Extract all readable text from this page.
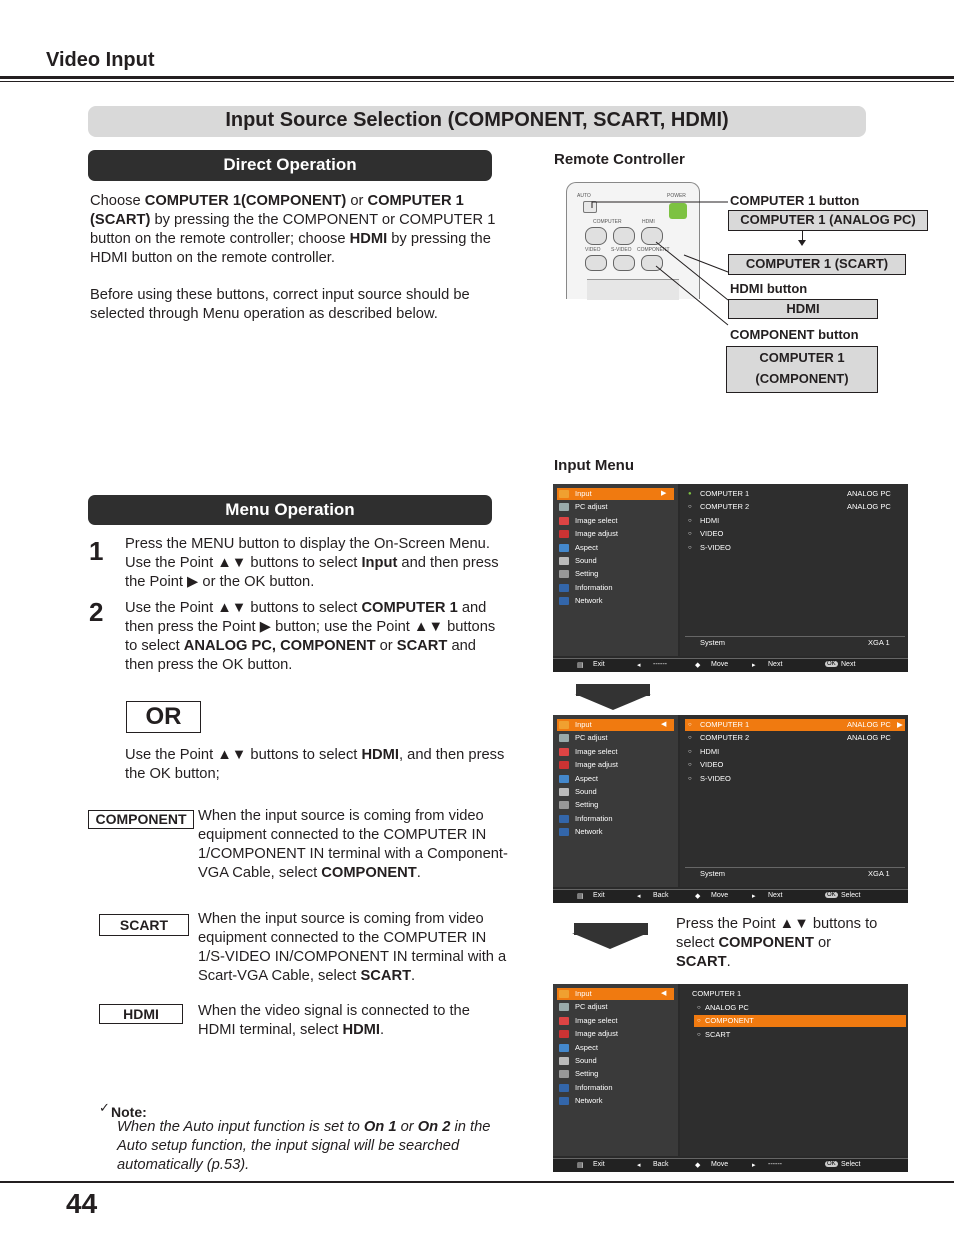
Video Input
Input Source Selection (COMPONENT, SCART, HDMI)
Direct Operation
Choose COMPUTER 1(COMPONENT) or COMPUTER 1 (SCART) by pressing the the COMPONENT or COMPUTER 1 button on the remote controller; choose HDMI by pressing the HDMI button on the remote controller.
Before using these buttons, correct input source should be selected through Menu operation as described below.
Remote Controller
AUTO	POWER
COMPUTER	HDMI
VIDEO S-VIDEO COMPONENT
COMPUTER 1 button
COMPUTER 1 (ANALOG PC)
COMPUTER 1 (SCART)
HDMI button
HDMI
COMPONENT button
COMPUTER 1
(COMPONENT)
Menu Operation
1 Press the MENU button to display the On-Screen Menu. Use the Point ▲▼ buttons to select Input and then press the Point ▶ or the OK button.
2 Use the Point ▲▼ buttons to select COMPUTER 1 and
then press the Point ▶ button; use the Point ▲▼ buttons to select ANALOG PC, COMPONENT or SCART and then press the OK button.
OR
Use the Point ▲▼ buttons to select HDMI, and then press the OK button;
COMPONENT When the input source is coming from video equipment connected to the COMPUTER IN 1/COMPONENT IN terminal with a Component-VGA Cable, select COMPONENT.
SCART	When the input source is coming from video equipment connected to the COMPUTER IN 1/S-VIDEO IN/COMPONENT IN terminal with a Scart-VGA Cable, select SCART.
HDMI	When the video signal is connected to the HDMI terminal, select HDMI.
✓ Note:
When the Auto input function is set to On 1 or On 2 in the Auto setup function, the input signal will be searched automatically (p.53).
Input Menu
Input
PC adjust
Image select
Image adjust
Aspect
Sound
Setting
Information
Network
▶	● COMPUTER 1	ANALOG PC
○ COMPUTER 2	ANALOG PC
○ HDMI
○ VIDEO
○ S-VIDEO
System	XGA 1
▤ Exit	◂ ------	◆ Move	▸ Next	OK Next
Input
PC adjust
Image select
Image adjust
Aspect
Sound
Setting
Information
Network
◀	○ COMPUTER 1	ANALOG PC ▶
○ COMPUTER 2	ANALOG PC
○ HDMI
○ VIDEO
○ S-VIDEO
System	XGA 1
▤ Exit	◂ Back	◆ Move	▸ Next	OK Select
Press the Point ▲▼ buttons to select COMPONENT or SCART.
Input
PC adjust
Image select
Image adjust
Aspect
Sound
Setting
Information
Network
◀	COMPUTER 1
○ ANALOG PC
○ COMPONENT
○ SCART
▤ Exit	◂ Back	◆ Move	▸ ------	OK Select
44
